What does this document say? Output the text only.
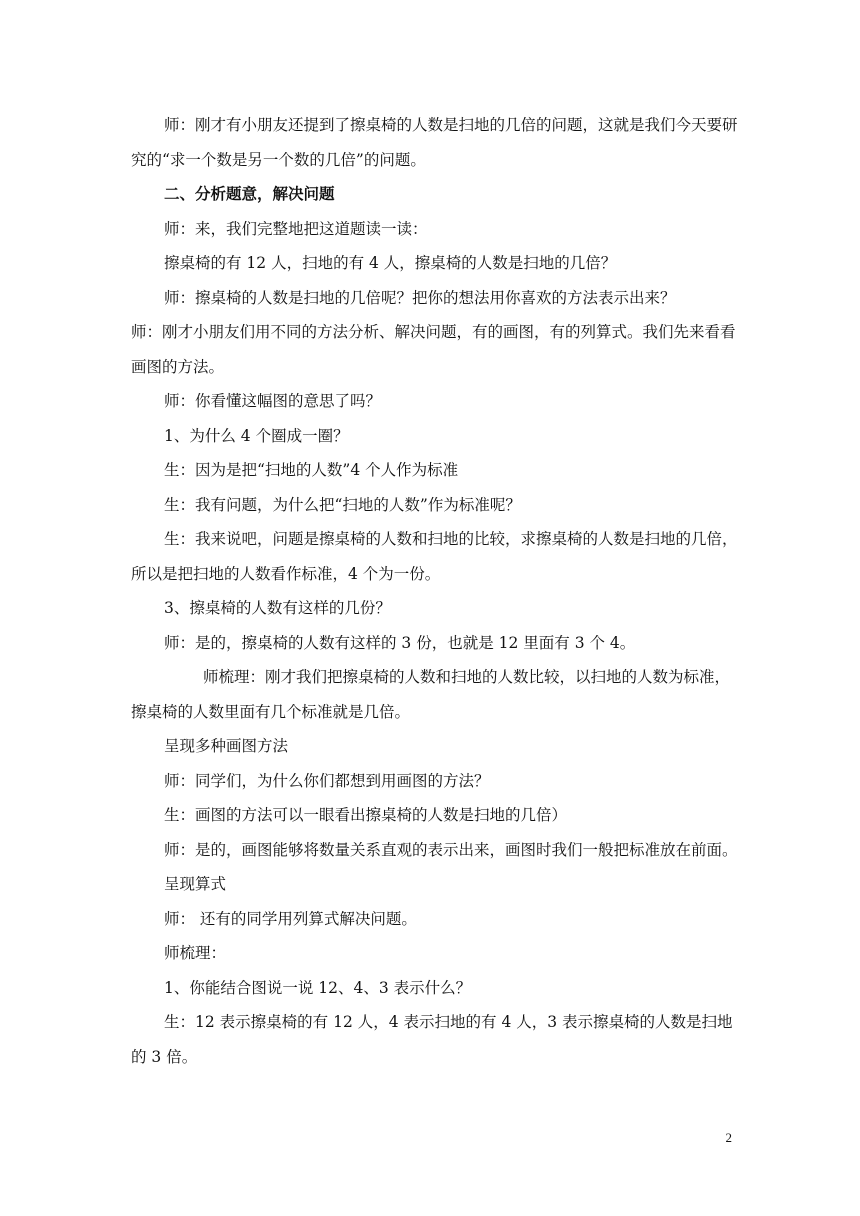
师：刚才有小朋友还提到了擦桌椅的人数是扫地的几倍的问题，这就是我们今天要研究的“求一个数是另一个数的几倍”的问题。

二、分析题意，解决问题

师：来，我们完整地把这道题读一读：

擦桌椅的有 12 人，扫地的有 4 人，擦桌椅的人数是扫地的几倍？

师：擦桌椅的人数是扫地的几倍呢？把你的想法用你喜欢的方法表示出来？

师：刚才小朋友们用不同的方法分析、解决问题，有的画图，有的列算式。我们先来看看画图的方法。

师：你看懂这幅图的意思了吗？

1、为什么 4 个圈成一圈？

生：因为是把“扫地的人数”4 个人作为标准

生：我有问题，为什么把“扫地的人数”作为标准呢？

生：我来说吧，问题是擦桌椅的人数和扫地的比较，求擦桌椅的人数是扫地的几倍，所以是把扫地的人数看作标准，4 个为一份。

3、擦桌椅的人数有这样的几份？

师：是的，擦桌椅的人数有这样的 3 份，也就是 12 里面有 3 个 4。

师梳理：刚才我们把擦桌椅的人数和扫地的人数比较，以扫地的人数为标准，擦桌椅的人数里面有几个标准就是几倍。

呈现多种画图方法

师：同学们，为什么你们都想到用画图的方法？

生：画图的方法可以一眼看出擦桌椅的人数是扫地的几倍）

师：是的，画图能够将数量关系直观的表示出来，画图时我们一般把标准放在前面。

呈现算式

师： 还有的同学用列算式解决问题。

师梳理：

1、你能结合图说一说 12、4、3 表示什么？

生：12 表示擦桌椅的有 12 人，4 表示扫地的有 4 人，3 表示擦桌椅的人数是扫地的 3 倍。

2
